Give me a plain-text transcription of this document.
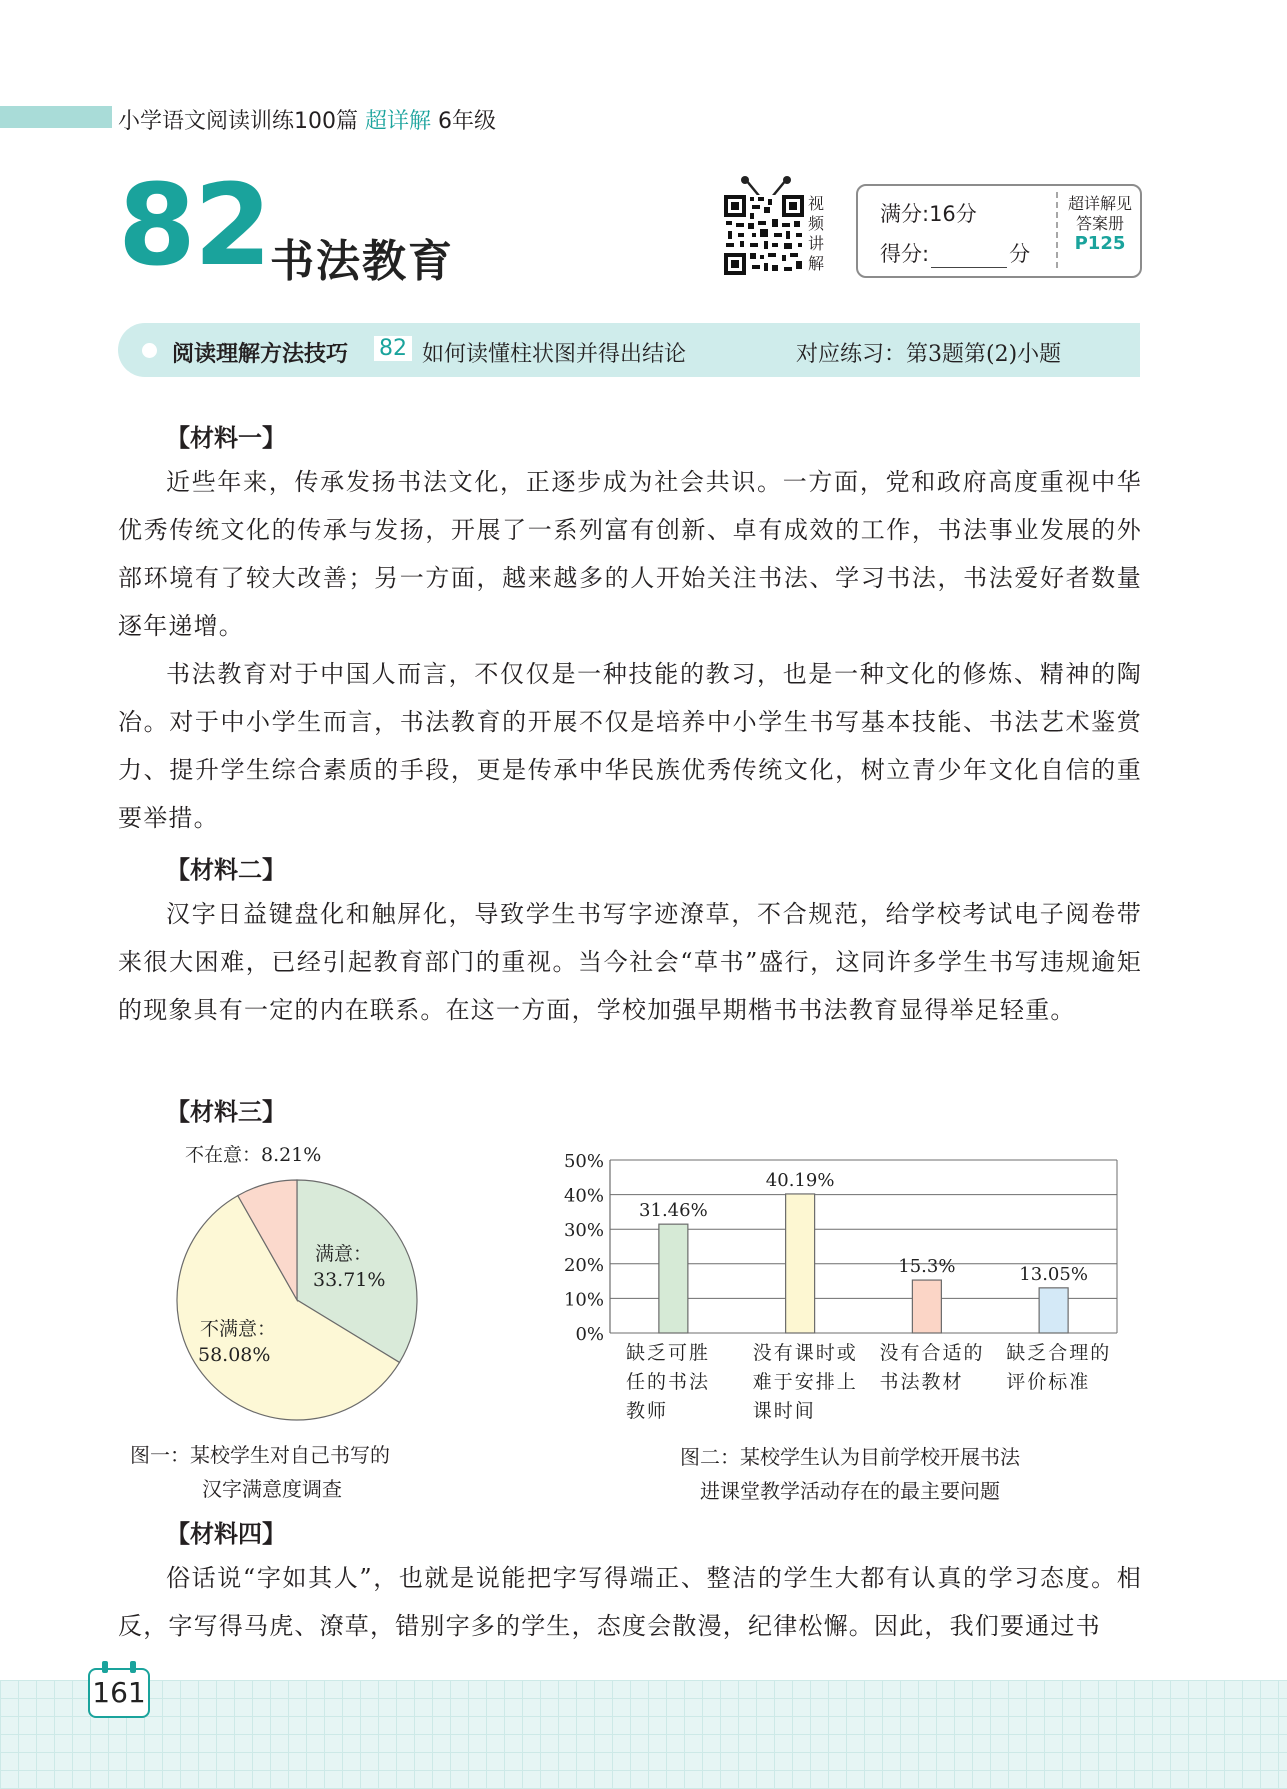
小学语文阅读训练100篇 超详解 6年级
82 书法教育
视频讲解
满分:16分
得分:	分
超详解见
答案册
P125
阅读理解方法技巧 82 如何读懂柱状图并得出结论	对应练习：第3题第(2)小题
【材料一】
近些年来，传承发扬书法文化，正逐步成为社会共识。一方面，党和政府高度重视中华优秀传统文化的传承与发扬，开展了一系列富有创新、卓有成效的工作，书法事业发展的外部环境有了较大改善；另一方面，越来越多的人开始关注书法、学习书法，书法爱好者数量逐年递增。
书法教育对于中国人而言，不仅仅是一种技能的教习，也是一种文化的修炼、精神的陶冶。对于中小学生而言，书法教育的开展不仅是培养中小学生书写基本技能、书法艺术鉴赏力、提升学生综合素质的手段，更是传承中华民族优秀传统文化，树立青少年文化自信的重要举措。
【材料二】
汉字日益键盘化和触屏化，导致学生书写字迹潦草，不合规范，给学校考试电子阅卷带来很大困难，已经引起教育部门的重视。当今社会“草书”盛行，这同许多学生书写违规逾矩的现象具有一定的内在联系。在这一方面，学校加强早期楷书书法教育显得举足轻重。
【材料三】
满意：
33.71%
不满意：
58.08%
不在意：8.21%
图一：某校学生对自己书写的
汉字满意度调查
0%
10%
20%
30%
40%
50%
31.46%
缺乏可胜
任的书法
教师
40.19%
没有课时或
难于安排上
课时间
15.3%
没有合适的
书法教材
13.05%
缺乏合理的
评价标准
图二：某校学生认为目前学校开展书法
进课堂教学活动存在的最主要问题
【材料四】
俗话说“字如其人”，也就是说能把字写得端正、整洁的学生大都有认真的学习态度。相反，字写得马虎、潦草，错别字多的学生，态度会散漫，纪律松懈。因此，我们要通过书
161
